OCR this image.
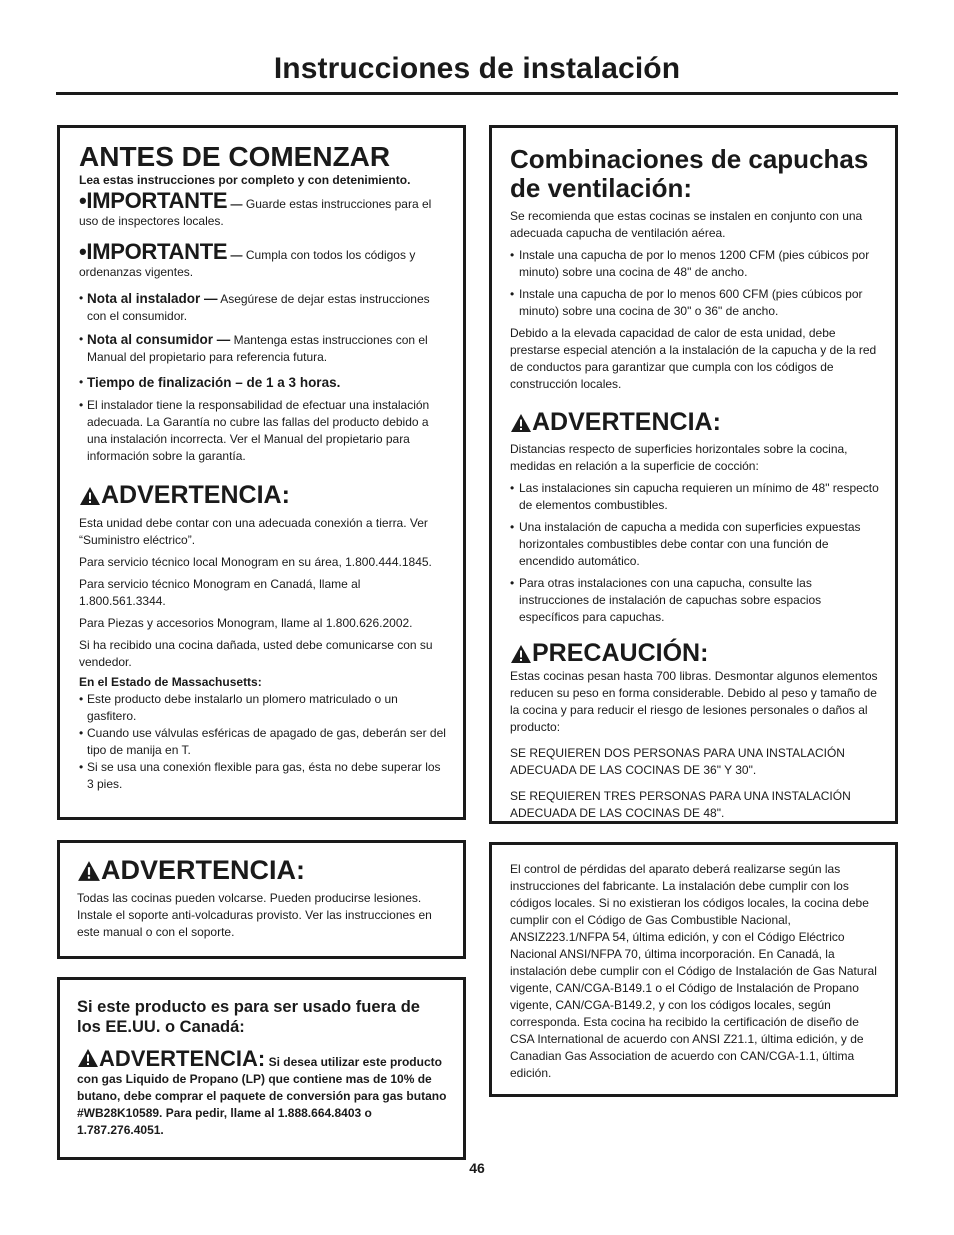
Instrucciones de instalación
ANTES DE COMENZAR
Lea estas instrucciones por completo y con detenimiento.
•IMPORTANTE — Guarde estas instrucciones para el uso de inspectores locales.
•IMPORTANTE — Cumpla con todos los códigos y ordenanzas vigentes.
• Nota al instalador — Asegúrese de dejar estas instrucciones con el consumidor.
• Nota al consumidor — Mantenga estas instrucciones con el Manual del propietario para referencia futura.
• Tiempo de finalización – de 1 a 3 horas.
• El instalador tiene la responsabilidad de efectuar una instalación adecuada. La Garantía no cubre las fallas del producto debido a una instalación incorrecta. Ver el Manual del propietario para información sobre la garantía.
ADVERTENCIA:
Esta unidad debe contar con una adecuada conexión a tierra. Ver “Suministro eléctrico”.
Para servicio técnico local Monogram en su área, 1.800.444.1845.
Para servicio técnico Monogram en Canadá, llame al 1.800.561.3344.
Para Piezas y accesorios Monogram, llame al 1.800.626.2002.
Si ha recibido una cocina dañada, usted debe comunicarse con su vendedor.
En el Estado de Massachusetts:
• Este producto debe instalarlo un plomero matriculado o un gasfitero.
• Cuando use válvulas esféricas de apagado de gas, deberán ser del tipo de manija en T.
• Si se usa una conexión flexible para gas, ésta no debe superar los 3 pies.
Combinaciones de capuchas de ventilación:
Se recomienda que estas cocinas se instalen en conjunto con una adecuada capucha de ventilación aérea.
• Instale una capucha de por lo menos 1200 CFM (pies cúbicos por minuto) sobre una cocina de 48" de ancho.
• Instale una capucha de por lo menos 600 CFM (pies cúbicos por minuto) sobre una cocina de 30" o 36" de ancho.
Debido a la elevada capacidad de calor de esta unidad, debe prestarse especial atención a la instalación de la capucha y de la red de conductos para garantizar que cumpla con los códigos de construcción locales.
ADVERTENCIA:
Distancias respecto de superficies horizontales sobre la cocina, medidas en relación a la superficie de cocción:
• Las instalaciones sin capucha requieren un mínimo de 48" respecto de elementos combustibles.
• Una instalación de capucha a medida con superficies expuestas horizontales combustibles debe contar con una función de encendido automático.
• Para otras instalaciones con una capucha, consulte las instrucciones de instalación de capuchas sobre espacios específicos para capuchas.
PRECAUCIÓN:
Estas cocinas pesan hasta 700 libras. Desmontar algunos elementos reducen su peso en forma considerable. Debido al peso y tamaño de la cocina y para reducir el riesgo de lesiones personales o daños al producto:
SE REQUIEREN DOS PERSONAS PARA UNA INSTALACIÓN ADECUADA DE LAS COCINAS DE 36" Y 30".
SE REQUIEREN TRES PERSONAS PARA UNA INSTALACIÓN ADECUADA DE LAS COCINAS DE 48".
ADVERTENCIA:
Todas las cocinas pueden volcarse. Pueden producirse lesiones. Instale el soporte anti-volcaduras provisto. Ver las instrucciones en este manual o con el soporte.
Si este producto es para ser usado fuera de los EE.UU. o Canadá:
ADVERTENCIA: Si desea utilizar este producto con gas Liquido de Propano (LP) que contiene mas de 10% de butano, debe comprar el paquete de conversión para gas butano #WB28K10589. Para pedir, llame al 1.888.664.8403 o 1.787.276.4051.
El control de pérdidas del aparato deberá realizarse según las instrucciones del fabricante. La instalación debe cumplir con los códigos locales. Si no existieran los códigos locales, la cocina debe cumplir con el Código de Gas Combustible Nacional, ANSIZ223.1/NFPA 54, última edición, y con el Código Eléctrico Nacional ANSI/NFPA 70, última incorporación. En Canadá, la instalación debe cumplir con el Código de Instalación de Gas Natural vigente, CAN/CGA-B149.1 o el Código de Instalación de Propano vigente, CAN/CGA-B149.2, y con los códigos locales, según corresponda. Esta cocina ha recibido la certificación de diseño de CSA International de acuerdo con ANSI Z21.1, última edición, y de Canadian Gas Association de acuerdo con CAN/CGA-1.1, última edición.
46
